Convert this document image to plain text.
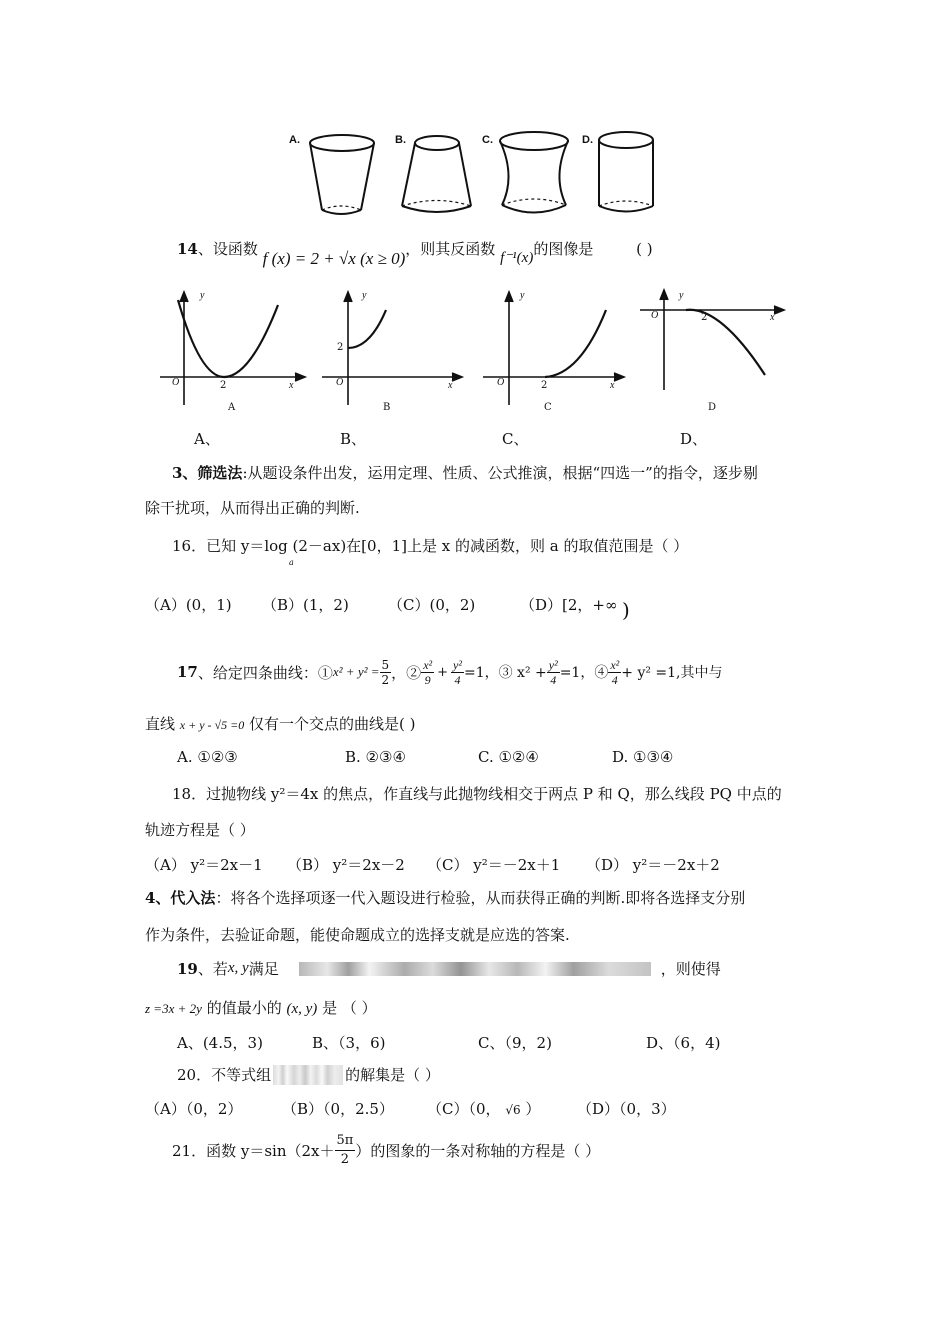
A.	B.	C.	D.
14、设函数 f (x) = 2 + √x (x ≥ 0)，则其反函数 f⁻¹(x)的图像是	( )
y
x
O	2
A
y
x
O
2
B
y
x
O	2
C
y
x
O	2
D
A、	B、	C、	D、
3、筛选法:从题设条件出发，运用定理、性质、公式推演，根据“四选一”的指令，逐步剔
除干扰项，从而得出正确的判断.
16．已知 y＝log (2－ax)在[0，1]上是 x 的减函数，则 a 的取值范围是（ ）
a
（A）(0，1) （B）(1，2)	（C）(0，2)	（D）[2，+∞ )
17 、给定四条曲线：① $x^2 + y^2 = \frac{5}{2}$ ，② $\frac{\text{x²}}{9} + \frac{\text{y²}}{4} =1$，③ $x^2 + \frac{\text{y²}}{4} =1$，④ $\frac{\text{x²}}{4} + y^2 =1$,其中与
直线 x + y - √5 =0 仅有一个交点的曲线是( )
A. ①②③	B. ②③④	C. ①②④	D. ①③④
18．过抛物线 y²＝4x 的焦点，作直线与此抛物线相交于两点 P 和 Q，那么线段 PQ 中点的
轨迹方程是（ ）
（A） y²＝2x－1 （B） y²＝2x－2 （C） y²＝－2x＋1 （D） y²＝－2x＋2
4、代入法：将各个选择项逐一代入题设进行检验，从而获得正确的判断.即将各选择支分别
作为条件，去验证命题，能使命题成立的选择支就是应选的答案.
19 、若 x, y 满足	，则使得
z =3x + 2y 的值最小的 (x, y) 是 （ ）
A、(4.5，3)	B、（3，6)	C、（9，2)	D、（6，4)
20．不等式组	的解集是（ ）
（A）（0，2）	（B）（0，2.5） （C）（0， √6 ） （D）（0，3）
21．函数 $y=\sin(2x+ \frac{5\pi}{2}$ ）的图象的一条对称轴的方程是（ ）
